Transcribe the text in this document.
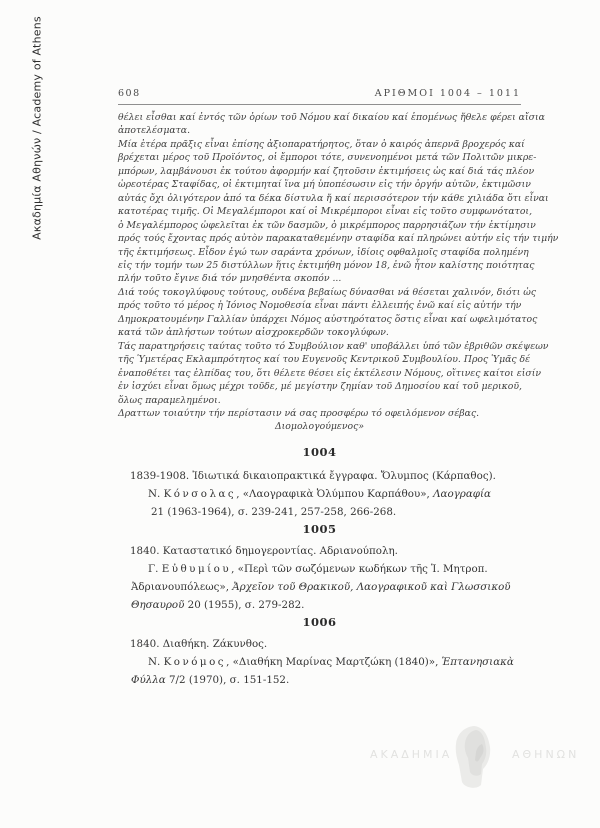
Ακαδημία Αθηνών / Academy of Athens	608	ΑΡΙΘΜΟΙ 1004 – 1011
θέλει εἶσθαι καί ἐντός τῶν ὁρίων τοῦ Νόμου καί δικαίου καί ἑπομένως ἤθελε φέρει αἴσια
ἀποτελέσματα.
Μία ἑτέρα πρᾶξις εἶναι ἐπίσης ἀξιοπαρατήρητος, ὅταν ὁ καιρός ἀπερνᾶ βροχερός καί
βρέχεται μέρος τοῦ Προϊόντος, οἱ ἔμποροι τότε, συνενοημένοι μετά τῶν Πολιτῶν μικρε-
μπόρων, λαμβάνουσι ἐκ τούτου ἀφορμήν καί ζητοῦσιν ἐκτιμήσεις ὡς καί διά τάς πλέον
ὡρεοτέρας Σταφίδας, οἱ ἐκτιμηταί ἵνα μή ὑποπέσωσιν εἰς τήν ὀργήν αὐτῶν, ἐκτιμῶσιν
αὐτάς ὄχι ὀλιγότερον ἀπό τα δέκα δίστυλα ἤ καί περισσότερον τήν κάθε χιλιάδα ὅτι εἶναι
κατοτέρας τιμῆς. Οἱ Μεγαλέμποροι καί οἱ Μικρέμποροι εἶναι εἰς τοῦτο συμφωνότατοι,
ὁ Μεγαλέμπορος ὠφελεῖται ἐκ τῶν δασμῶν, ὁ μικρέμπορος παρρησιάζων τήν ἐκτίμησιν
πρός τούς ἔχοντας πρός αὐτὸν παρακαταθεμένην σταφίδα καί πληρώνει αὐτήν εἰς τήν τιμήν
τῆς ἐκτιμήσεως. Εἶδον ἐγώ των σαράντα χρόνων, ἰδίοις οφθαλμοῖς σταφίδα πολημένη
εἰς τήν τομήν των 25 διστύλλων ἥτις ἐκτιμήθη μόνον 18, ἐνῶ ἦτον καλίστης ποιότητας
πλήν τοῦτο ἔγινε διά τόν μνησθέντα σκοπόν ...
Διά τούς τοκογλύφους τούτους, ουδένα βεβαίως δύνασθαι νά θέσεται χαλινόν, διότι ὡς
πρός τοῦτο τό μέρος ἡ Ἰόνιος Νομοθεσία εἶναι πάντι ἐλλειπής ἐνῶ καί εἰς αὐτήν τήν
Δημοκρατουμένην Γαλλίαν ὑπάρχει Νόμος αὐστηρότατος ὅστις εἶναι καί ωφελιμότατος
κατά τῶν ἀπλήστων τούτων αἰσχροκερδῶν τοκογλύφων.
Τάς παρατηρήσεις ταύτας τοῦτο τό Συμβούλιον καθ' υποβάλλει ὑπό τῶν ἐβριθῶν σκέψεων
τῆς Ὑμετέρας Εκλαμπρότητος καί του Ευγενοῦς Κεντρικοῦ Συμβουλίου. Προς Ὑμᾶς δέ
ἐναποθέτει τας ἐλπίδας του, ὅτι θέλετε θέσει εἰς ἐκτέλεσιν Νόμους, οἵτινες καίτοι εἰσίν
ἐν ἰσχύει εἶναι ὅμως μέχρι τοῦδε, μέ μεγίστην ζημίαν τοῦ Δημοσίου καί τοῦ μερικοῦ,
ὅλως παραμελημένοι.
Δραττων τοιαύτην τήν περίστασιν νά σας προσφέρω τό οφειλόμενον σέβας.
Διομολογούμενος»
1004
1839-1908. Ἰδιωτικά δικαιοπρακτικά ἔγγραφα. Ὄλυμπος (Κάρπαθος).
Ν. Κόνσολας, «Λαογραφικὰ Ὀλύμπου Καρπάθου», Λαογραφία
21 (1963-1964), σ. 239-241, 257-258, 266-268.
1005
1840. Καταστατικό δημογεροντίας. Αδριανούπολη.
Γ. Εὐθυμίου, «Περὶ τῶν σωζόμενων κωδήκων τῆς Ἱ. Μητροπ.
Ἀδριανουπόλεως», Ἀρχεῖον τοῦ Θρακικοῦ, Λαογραφικοῦ καὶ Γλωσσικοῦ
Θησαυροῦ 20 (1955), σ. 279-282.
1006
1840. Διαθήκη. Ζάκυνθος.
Ν. Κονόμος, «Διαθήκη Μαρίνας Μαρτζώκη (1840)», Ἑπτανησιακὰ
Φύλλα 7/2 (1970), σ. 151-152.
ΑΚΑΔΗΜΙΑ	ΑΘΗΝΩΝ
